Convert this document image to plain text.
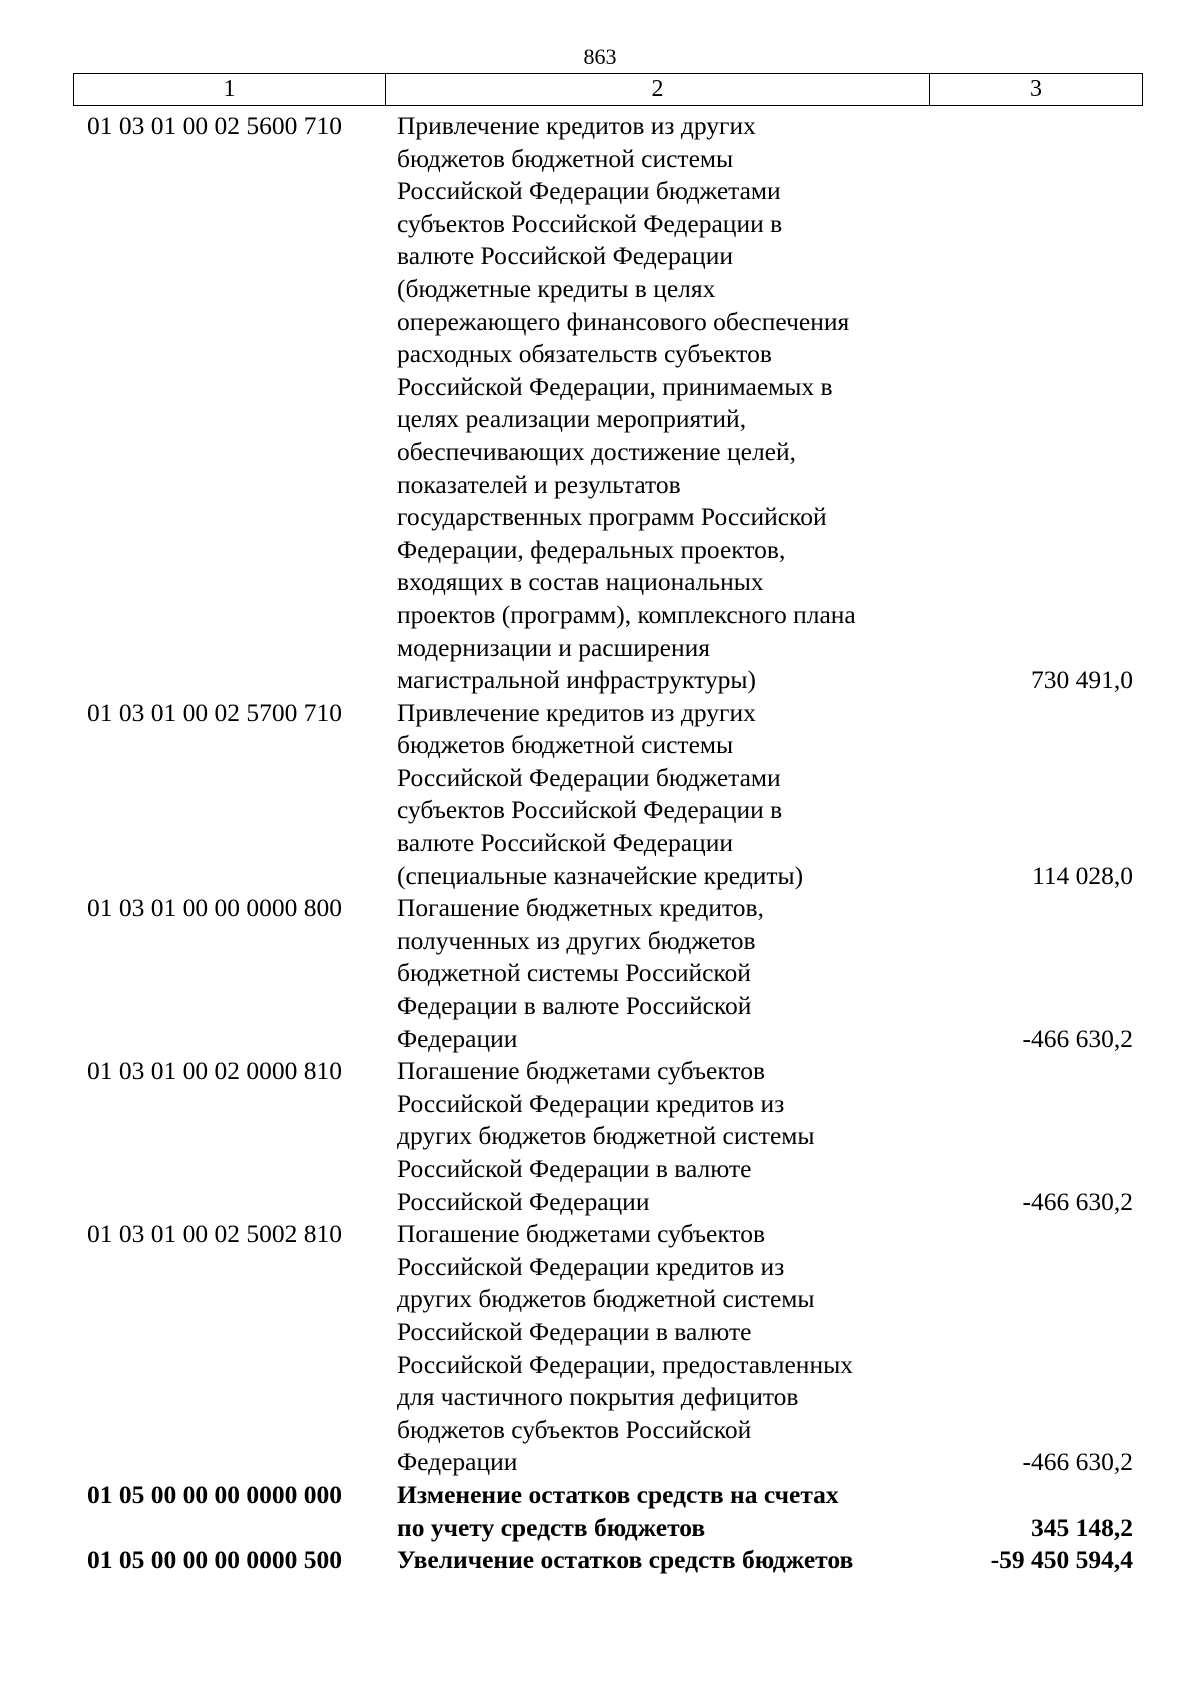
863
1	2	3
01 03 01 00 02 5600 710	Привлечение кредитов из других
бюджетов бюджетной системы
Российской Федерации бюджетами
субъектов Российской Федерации в
валюте Российской Федерации
(бюджетные кредиты в целях
опережающего финансового обеспечения
расходных обязательств субъектов
Российской Федерации, принимаемых в
целях реализации мероприятий,
обеспечивающих достижение целей,
показателей и результатов
государственных программ Российской
Федерации, федеральных проектов,
входящих в состав национальных
проектов (программ), комплексного плана
модернизации и расширения
магистральной инфраструктуры)	730 491,0
01 03 01 00 02 5700 710	Привлечение кредитов из других
бюджетов бюджетной системы
Российской Федерации бюджетами
субъектов Российской Федерации в
валюте Российской Федерации
(специальные казначейские кредиты)	114 028,0
01 03 01 00 00 0000 800	Погашение бюджетных кредитов,
полученных из других бюджетов
бюджетной системы Российской
Федерации в валюте Российской
Федерации	-466 630,2
01 03 01 00 02 0000 810	Погашение бюджетами субъектов
Российской Федерации кредитов из
других бюджетов бюджетной системы
Российской Федерации в валюте
Российской Федерации	-466 630,2
01 03 01 00 02 5002 810	Погашение бюджетами субъектов
Российской Федерации кредитов из
других бюджетов бюджетной системы
Российской Федерации в валюте
Российской Федерации, предоставленных
для частичного покрытия дефицитов
бюджетов субъектов Российской
Федерации	-466 630,2
01 05 00 00 00 0000 000	Изменение остатков средств на счетах
по учету средств бюджетов	345 148,2
01 05 00 00 00 0000 500	Увеличение остатков средств бюджетов	-59 450 594,4
